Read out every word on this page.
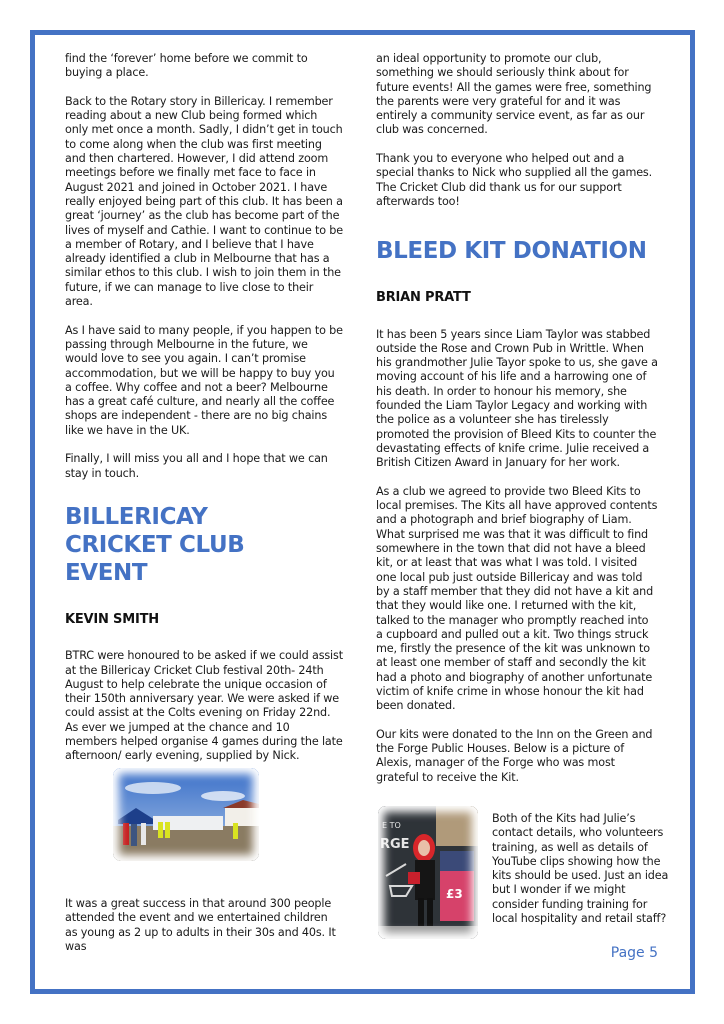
find the ‘forever’ home before we commit to buying a place.

Back to the Rotary story in Billericay. I remember reading about a new Club being formed which only met once a month. Sadly, I didn’t get in touch to come along when the club was first meeting and then chartered. However, I did attend zoom meetings before we finally met face to face in August 2021 and joined in October 2021. I have really enjoyed being part of this club. It has been a great ‘journey’ as the club has become part of the lives of myself and Cathie. I want to continue to be a member of Rotary, and I believe that I have already identified a club in Melbourne that has a similar ethos to this club. I wish to join them in the future, if we can manage to live close to their area.

As I have said to many people, if you happen to be passing through Melbourne in the future, we would love to see you again. I can’t promise accommodation, but we will be happy to buy you a coffee. Why coffee and not a beer? Melbourne has a great café culture, and nearly all the coffee shops are independent - there are no big chains like we have in the UK.

Finally, I will miss you all and I hope that we can stay in touch.

BILLERICAY CRICKET CLUB EVENT
KEVIN SMITH

BTRC were honoured to be asked if we could assist at the Billericay Cricket Club festival 20th- 24th August to help celebrate the unique occasion of their 150th anniversary year. We were asked if we could assist at the Colts evening on Friday 22nd. As ever we jumped at the chance and 10 members helped organise 4 games during the late afternoon/ early evening, supplied by Nick.

It was a great success in that around 300 people attended the event and we entertained children as young as 2 up to adults in their 30s and 40s. It was

an ideal opportunity to promote our club, something we should seriously think about for future events! All the games were free, something the parents were very grateful for and it was entirely a community service event, as far as our club was concerned.

Thank you to everyone who helped out and a special thanks to Nick who supplied all the games. The Cricket Club did thank us for our support afterwards too!

BLEED KIT DONATION
BRIAN PRATT

It has been 5 years since Liam Taylor was stabbed outside the Rose and Crown Pub in Writtle. When his grandmother Julie Tayor spoke to us, she gave a moving account of his life and a harrowing one of his death. In order to honour his memory, she founded the Liam Taylor Legacy and working with the police as a volunteer she has tirelessly promoted the provision of Bleed Kits to counter the devastating effects of knife crime. Julie received a British Citizen Award in January for her work.

As a club we agreed to provide two Bleed Kits to local premises. The Kits all have approved contents and a photograph and brief biography of Liam. What surprised me was that it was difficult to find somewhere in the town that did not have a bleed kit, or at least that was what I was told. I visited one local pub just outside Billericay and was told by a staff member that they did not have a kit and that they would like one. I returned with the kit, talked to the manager who promptly reached into a cupboard and pulled out a kit. Two things struck me, firstly the presence of the kit was unknown to at least one member of staff and secondly the kit had a photo and biography of another unfortunate victim of knife crime in whose honour the kit had been donated.

Our kits were donated to the Inn on the Green and the Forge Public Houses. Below is a picture of Alexis, manager of the Forge who was most grateful to receive the Kit.

E TO
RGE
£3

Both of the Kits had Julie’s contact details, who volunteers training, as well as details of YouTube clips showing how the kits should be used. Just an idea but I wonder if we might consider funding training for local hospitality and retail staff?

Page 5
